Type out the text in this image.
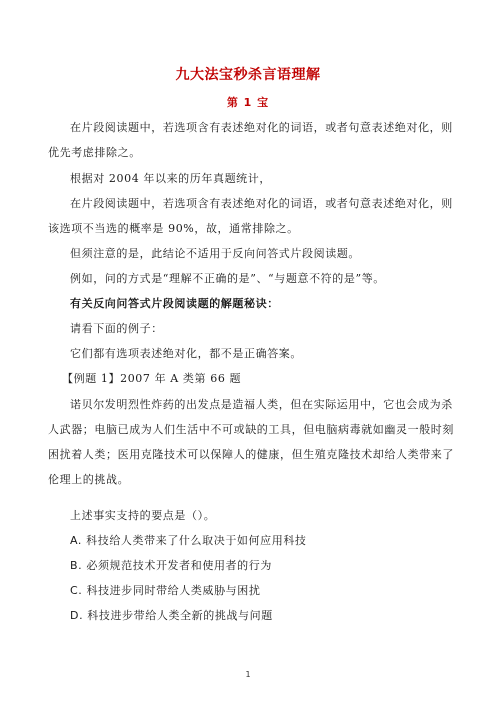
九大法宝秒杀言语理解
第 1 宝
在片段阅读题中，若选项含有表述绝对化的词语，或者句意表述绝对化，则
优先考虑排除之。
根据对 2004 年以来的历年真题统计，
在片段阅读题中，若选项含有表述绝对化的词语，或者句意表述绝对化，则
该选项不当选的概率是 90%，故，通常排除之。
但须注意的是，此结论不适用于反向问答式片段阅读题。
例如，问的方式是“理解不正确的是”、“与题意不符的是”等。
有关反向问答式片段阅读题的解题秘诀：
请看下面的例子：
它们都有选项表述绝对化，都不是正确答案。
【例题 1】2007 年 A 类第 66 题
诺贝尔发明烈性炸药的出发点是造福人类，但在实际运用中，它也会成为杀
人武器；电脑已成为人们生活中不可或缺的工具，但电脑病毒就如幽灵一般时刻
困扰着人类；医用克隆技术可以保障人的健康，但生殖克隆技术却给人类带来了
伦理上的挑战。
上述事实支持的要点是（）。
A. 科技给人类带来了什么取决于如何应用科技
B. 必须规范技术开发者和使用者的行为
C. 科技进步同时带给人类威胁与困扰
D. 科技进步带给人类全新的挑战与问题
1
